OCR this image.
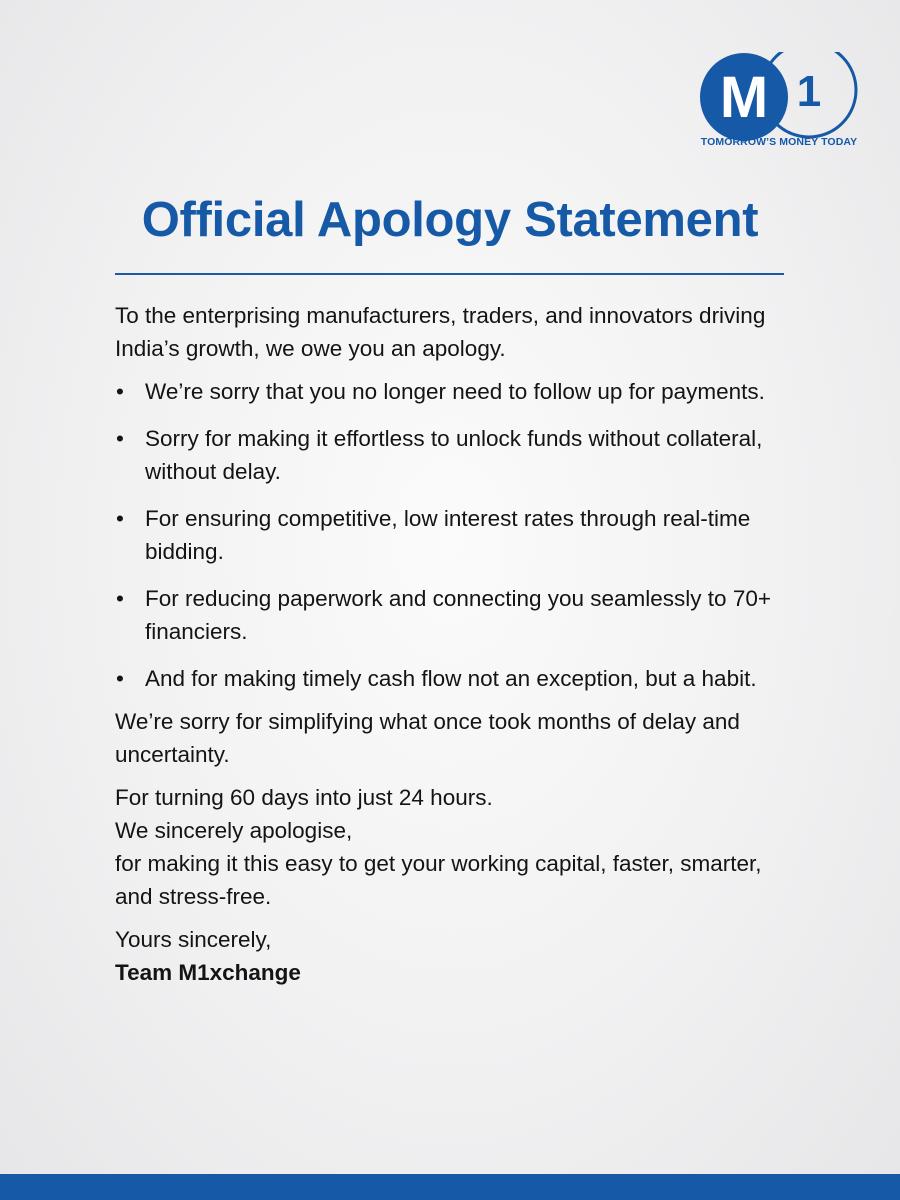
M 1
TOMORROW’S MONEY TODAY
Official Apology Statement

To the enterprising manufacturers, traders, and innovators driving India’s growth, we owe you an apology.

• We’re sorry that you no longer need to follow up for payments.
• Sorry for making it effortless to unlock funds without collateral, without delay.
• For ensuring competitive, low interest rates through real-time bidding.
• For reducing paperwork and connecting you seamlessly to 70+ financiers.
• And for making timely cash flow not an exception, but a habit.

We’re sorry for simplifying what once took months of delay and uncertainty.

For turning 60 days into just 24 hours.
We sincerely apologise,
for making it this easy to get your working capital, faster, smarter, and stress-free.

Yours sincerely,
Team M1xchange
